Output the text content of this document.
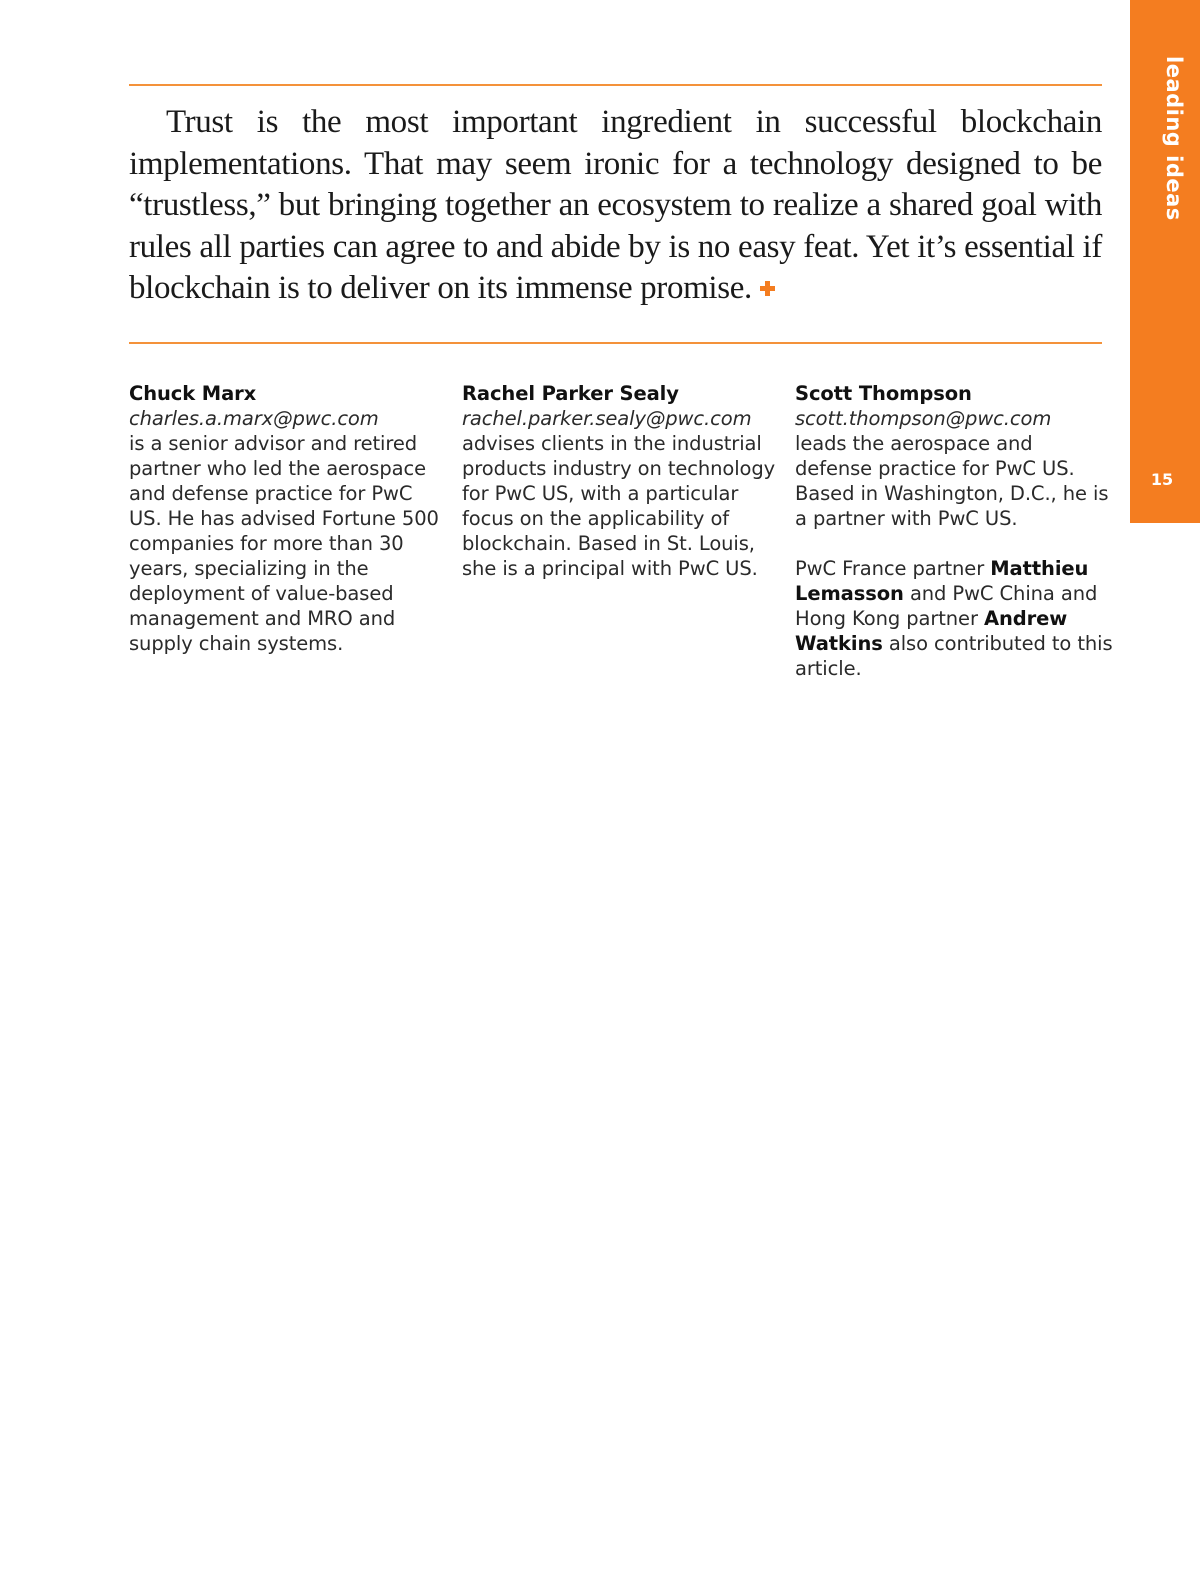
leading ideas
15

Trust is the most important ingredient in successful blockchain implementations. That may seem ironic for a technology designed to be “trustless,” but bringing together an ecosystem to realize a shared goal with rules all parties can agree to and abide by is no easy feat. Yet it’s essential if blockchain is to deliver on its immense promise.

Chuck Marx
charles.a.marx@pwc.com
is a senior advisor and retired partner who led the aerospace and defense practice for PwC US. He has advised Fortune 500 companies for more than 30 years, specializing in the deployment of value-based management and MRO and supply chain systems.
Rachel Parker Sealy
rachel.parker.sealy@pwc.com
advises clients in the industrial products industry on technology for PwC US, with a particular focus on the applicability of blockchain. Based in St. Louis, she is a principal with PwC US.
Scott Thompson
scott.thompson@pwc.com
leads the aerospace and defense practice for PwC US. Based in Washington, D.C., he is a partner with PwC US.
PwC France partner Matthieu Lemasson and PwC China and Hong Kong partner Andrew Watkins also contributed to this article.
